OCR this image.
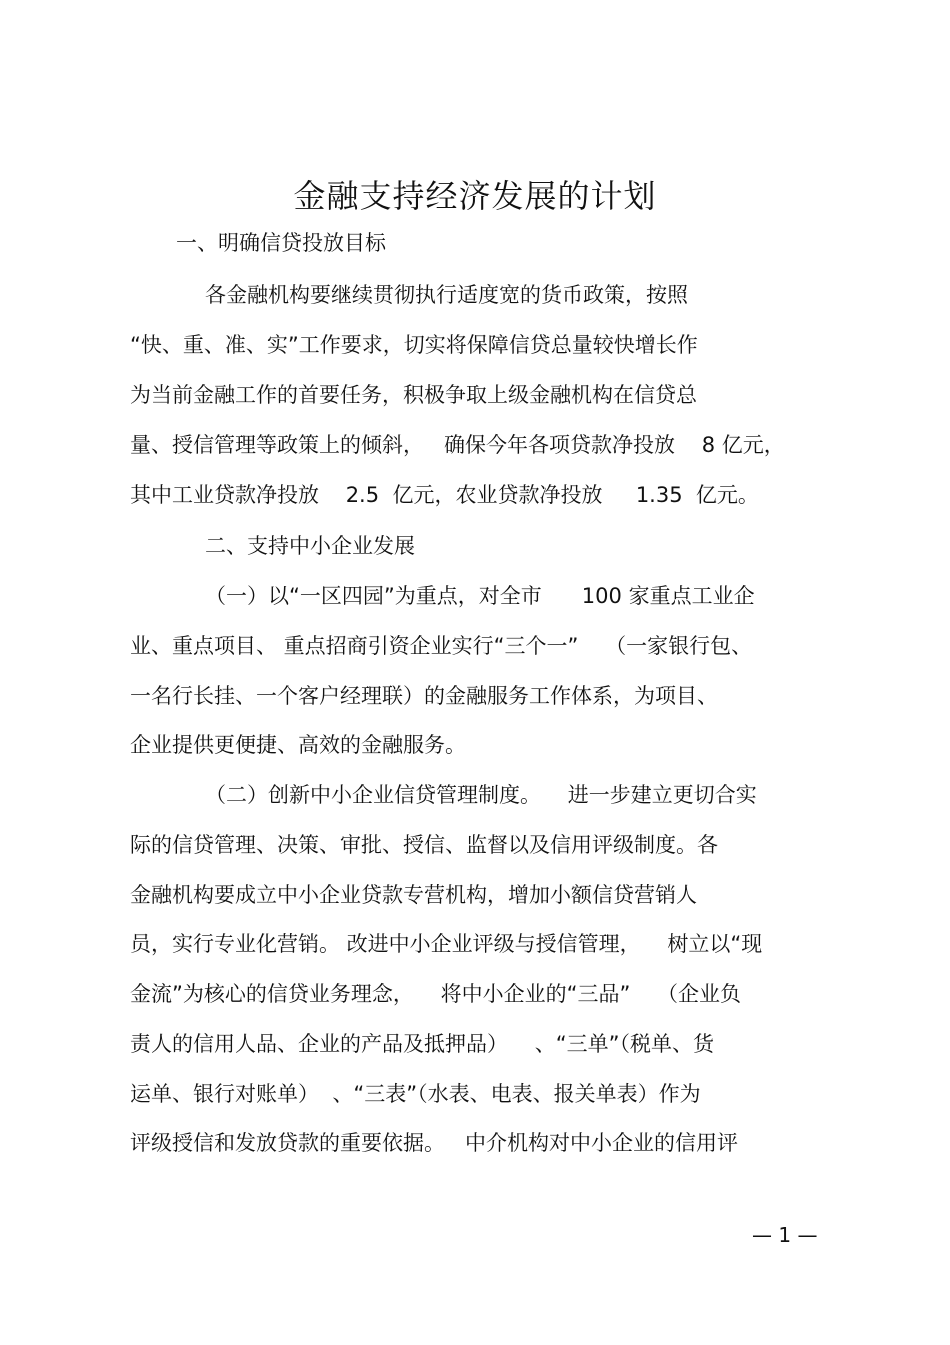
金融支持经济发展的计划
一、明确信贷投放目标
各金融机构要继续贯彻执行适度宽的货币政策，按照
“快、重、准、实”工作要求，切实将保障信贷总量较快增长作
为当前金融工作的首要任务，积极争取上级金融机构在信贷总
量、授信管理等政策上的倾斜，   确保今年各项贷款净投放    8 亿元，
其中工业贷款净投放    2.5  亿元，农业贷款净投放     1.35  亿元。
二、支持中小企业发展
（一）以“一区四园”为重点，对全市      100 家重点工业企
业、重点项目、 重点招商引资企业实行“三个一”    （一家银行包、
一名行长挂、一个客户经理联）的金融服务工作体系，为项目、
企业提供更便捷、高效的金融服务。
（二）创新中小企业信贷管理制度。    进一步建立更切合实
际的信贷管理、决策、审批、授信、监督以及信用评级制度。各
金融机构要成立中小企业贷款专营机构，增加小额信贷营销人
员，实行专业化营销。 改进中小企业评级与授信管理，    树立以“现
金流”为核心的信贷业务理念，    将中小企业的“三品”    （企业负
责人的信用人品、企业的产品及抵押品）    、“三单”（税单、货
运单、银行对账单）  、“三表”（水表、电表、报关单表）作为
评级授信和发放贷款的重要依据。   中介机构对中小企业的信用评
— 1 —
